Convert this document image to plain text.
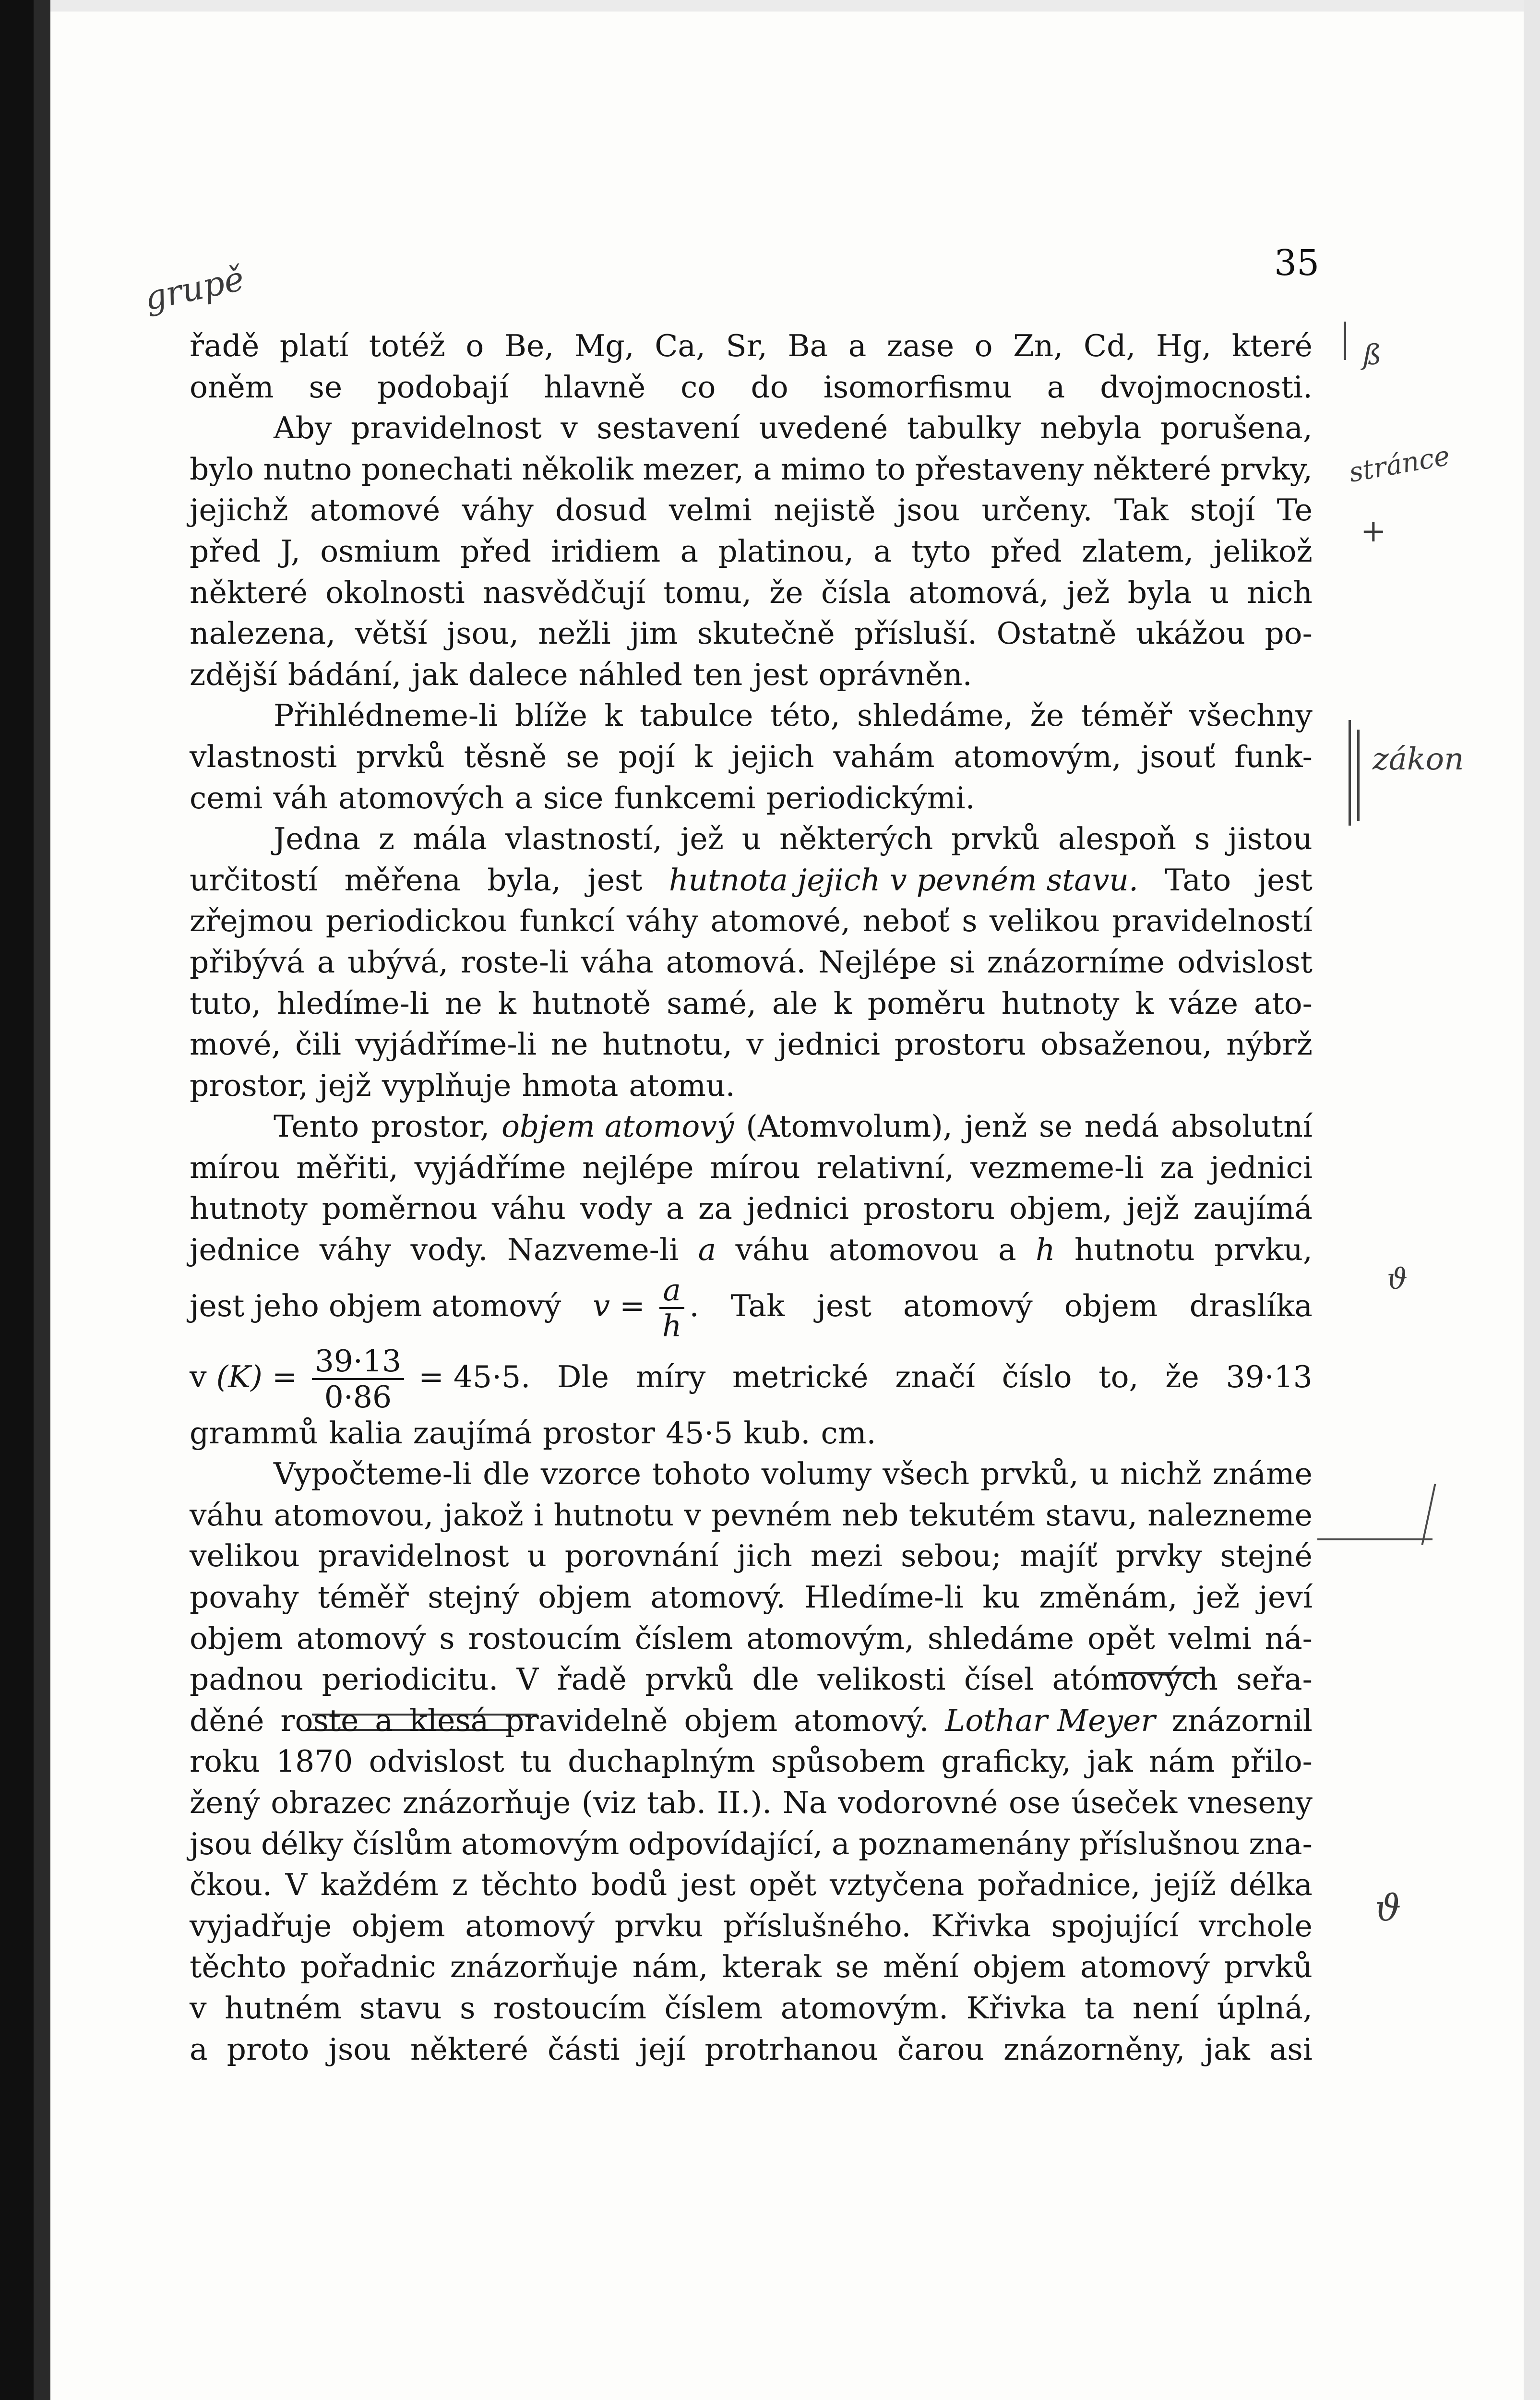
35
grupě
ß
stránce
+
zákon
ϑ
ϑ
řadě platí totéž o Be, Mg, Ca, Sr, Ba a zase o Zn, Cd, Hg, které
oněm se podobají hlavně co do isomorfismu a dvojmocnosti.
Aby pravidelnost v sestavení uvedené tabulky nebyla porušena,
bylo nutno ponechati několik mezer, a mimo to přestaveny některé prvky,
jejichž atomové váhy dosud velmi nejistě jsou určeny. Tak stojí Te
před J, osmium před iridiem a platinou, a tyto před zlatem, jelikož
některé okolnosti nasvědčují tomu, že čísla atomová, jež byla u nich
nalezena, větší jsou, nežli jim skutečně přísluší. Ostatně ukážou po-
zdější bádání, jak dalece náhled ten jest oprávněn.
Přihlédneme-li blíže k tabulce této, shledáme, že téměř všechny
vlastnosti prvků těsně se pojí k jejich vahám atomovým, jsouť funk-
cemi váh atomových a sice funkcemi periodickými.
Jedna z mála vlastností, jež u některých prvků alespoň s jistou
určitostí měřena byla, jest hutnota jejich v pevném stavu. Tato jest
zřejmou periodickou funkcí váhy atomové, neboť s velikou pravidelností
přibývá a ubývá, roste-li váha atomová. Nejlépe si znázorníme odvislost
tuto, hledíme-li ne k hutnotě samé, ale k poměru hutnoty k váze ato-
mové, čili vyjádříme-li ne hutnotu, v jednici prostoru obsaženou, nýbrž
prostor, jejž vyplňuje hmota atomu.
Tento prostor, objem atomový (Atomvolum), jenž se nedá absolutní
mírou měřiti, vyjádříme nejlépe mírou relativní, vezmeme-li za jednici
hutnoty poměrnou váhu vody a za jednici prostoru objem, jejž zaujímá
jednice váhy vody. Nazveme-li a váhu atomovou a h hutnotu prvku,
jest jeho objem atomový $v = \frac{a}{h}$ . Tak jest atomový objem draslíka
v $(K) = \frac{39\cdot 13}{0\cdot 86} = 45\cdot 5$. Dle míry metrické značí číslo to, že 39·13
grammů kalia zaujímá prostor 45·5 kub. cm.
Vypočteme-li dle vzorce tohoto volumy všech prvků, u nichž známe
váhu atomovou, jakož i hutnotu v pevném neb tekutém stavu, nalezneme
velikou pravidelnost u porovnání jich mezi sebou; majíť prvky stejné
povahy téměř stejný objem atomový. Hledíme-li ku změnám, jež jeví
objem atomový s rostoucím číslem atomovým, shledáme opět velmi ná-
padnou periodicitu. V řadě prvků dle velikosti čísel atómových seřa-
děné roste a klesá pravidelně objem atomový. Lothar Meyer znázornil
roku 1870 odvislost tu duchaplným spůsobem graficky, jak nám přilo-
žený obrazec znázorňuje (viz tab. II.). Na vodorovné ose úseček vneseny
jsou délky číslům atomovým odpovídající, a poznamenány příslušnou zna-
čkou. V každém z těchto bodů jest opět vztyčena pořadnice, jejíž délka
vyjadřuje objem atomový prvku příslušného. Křivka spojující vrchole
těchto pořadnic znázorňuje nám, kterak se mění objem atomový prvků
v hutném stavu s rostoucím číslem atomovým. Křivka ta není úplná,
a proto jsou některé části její protrhanou čarou znázorněny, jak asi
